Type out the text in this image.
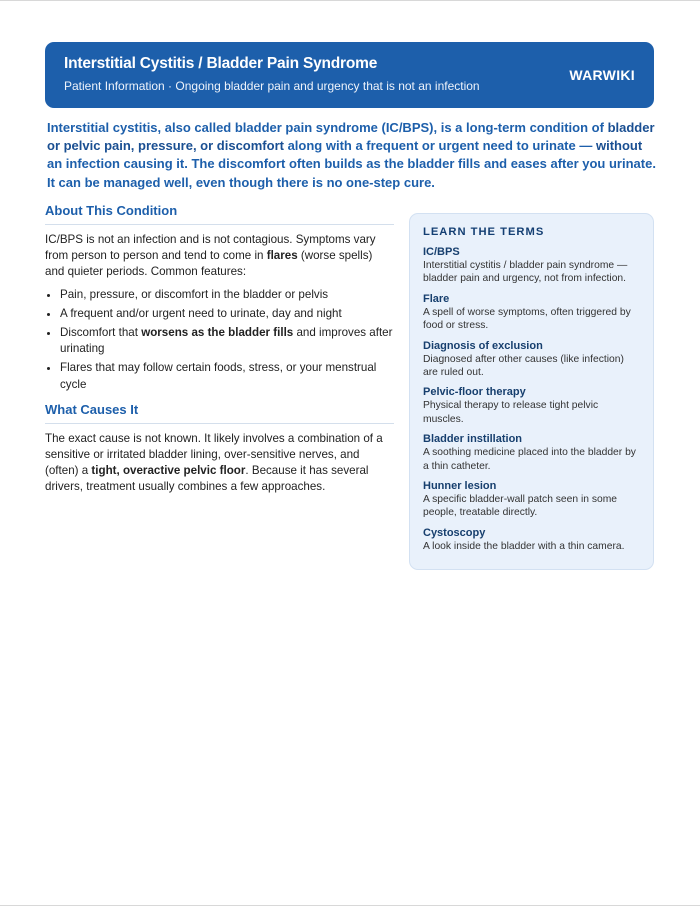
Interstitial Cystitis / Bladder Pain Syndrome
Patient Information · Ongoing bladder pain and urgency that is not an infection
WARWIKI
Interstitial cystitis, also called bladder pain syndrome (IC/BPS), is a long-term condition of bladder or pelvic pain, pressure, or discomfort along with a frequent or urgent need to urinate — without an infection causing it. The discomfort often builds as the bladder fills and eases after you urinate. It can be managed well, even though there is no one-step cure.
About This Condition

IC/BPS is not an infection and is not contagious. Symptoms vary from person to person and tend to come in flares (worse spells) and quieter periods. Common features:

• Pain, pressure, or discomfort in the bladder or pelvis
• A frequent and/or urgent need to urinate, day and night
• Discomfort that worsens as the bladder fills and improves after urinating
• Flares that may follow certain foods, stress, or your menstrual cycle
What Causes It

The exact cause is not known. It likely involves a combination of a sensitive or irritated bladder lining, over-sensitive nerves, and (often) a tight, overactive pelvic floor. Because it has several drivers, treatment usually combines a few approaches.

LEARN THE TERMS
IC/BPS
Interstitial cystitis / bladder pain syndrome — bladder pain and urgency, not from infection.
Flare
A spell of worse symptoms, often triggered by food or stress.
Diagnosis of exclusion
Diagnosed after other causes (like infection) are ruled out.
Pelvic-floor therapy
Physical therapy to release tight pelvic muscles.
Bladder instillation
A soothing medicine placed into the bladder by a thin catheter.
Hunner lesion
A specific bladder-wall patch seen in some people, treatable directly.
Cystoscopy
A look inside the bladder with a thin camera.
